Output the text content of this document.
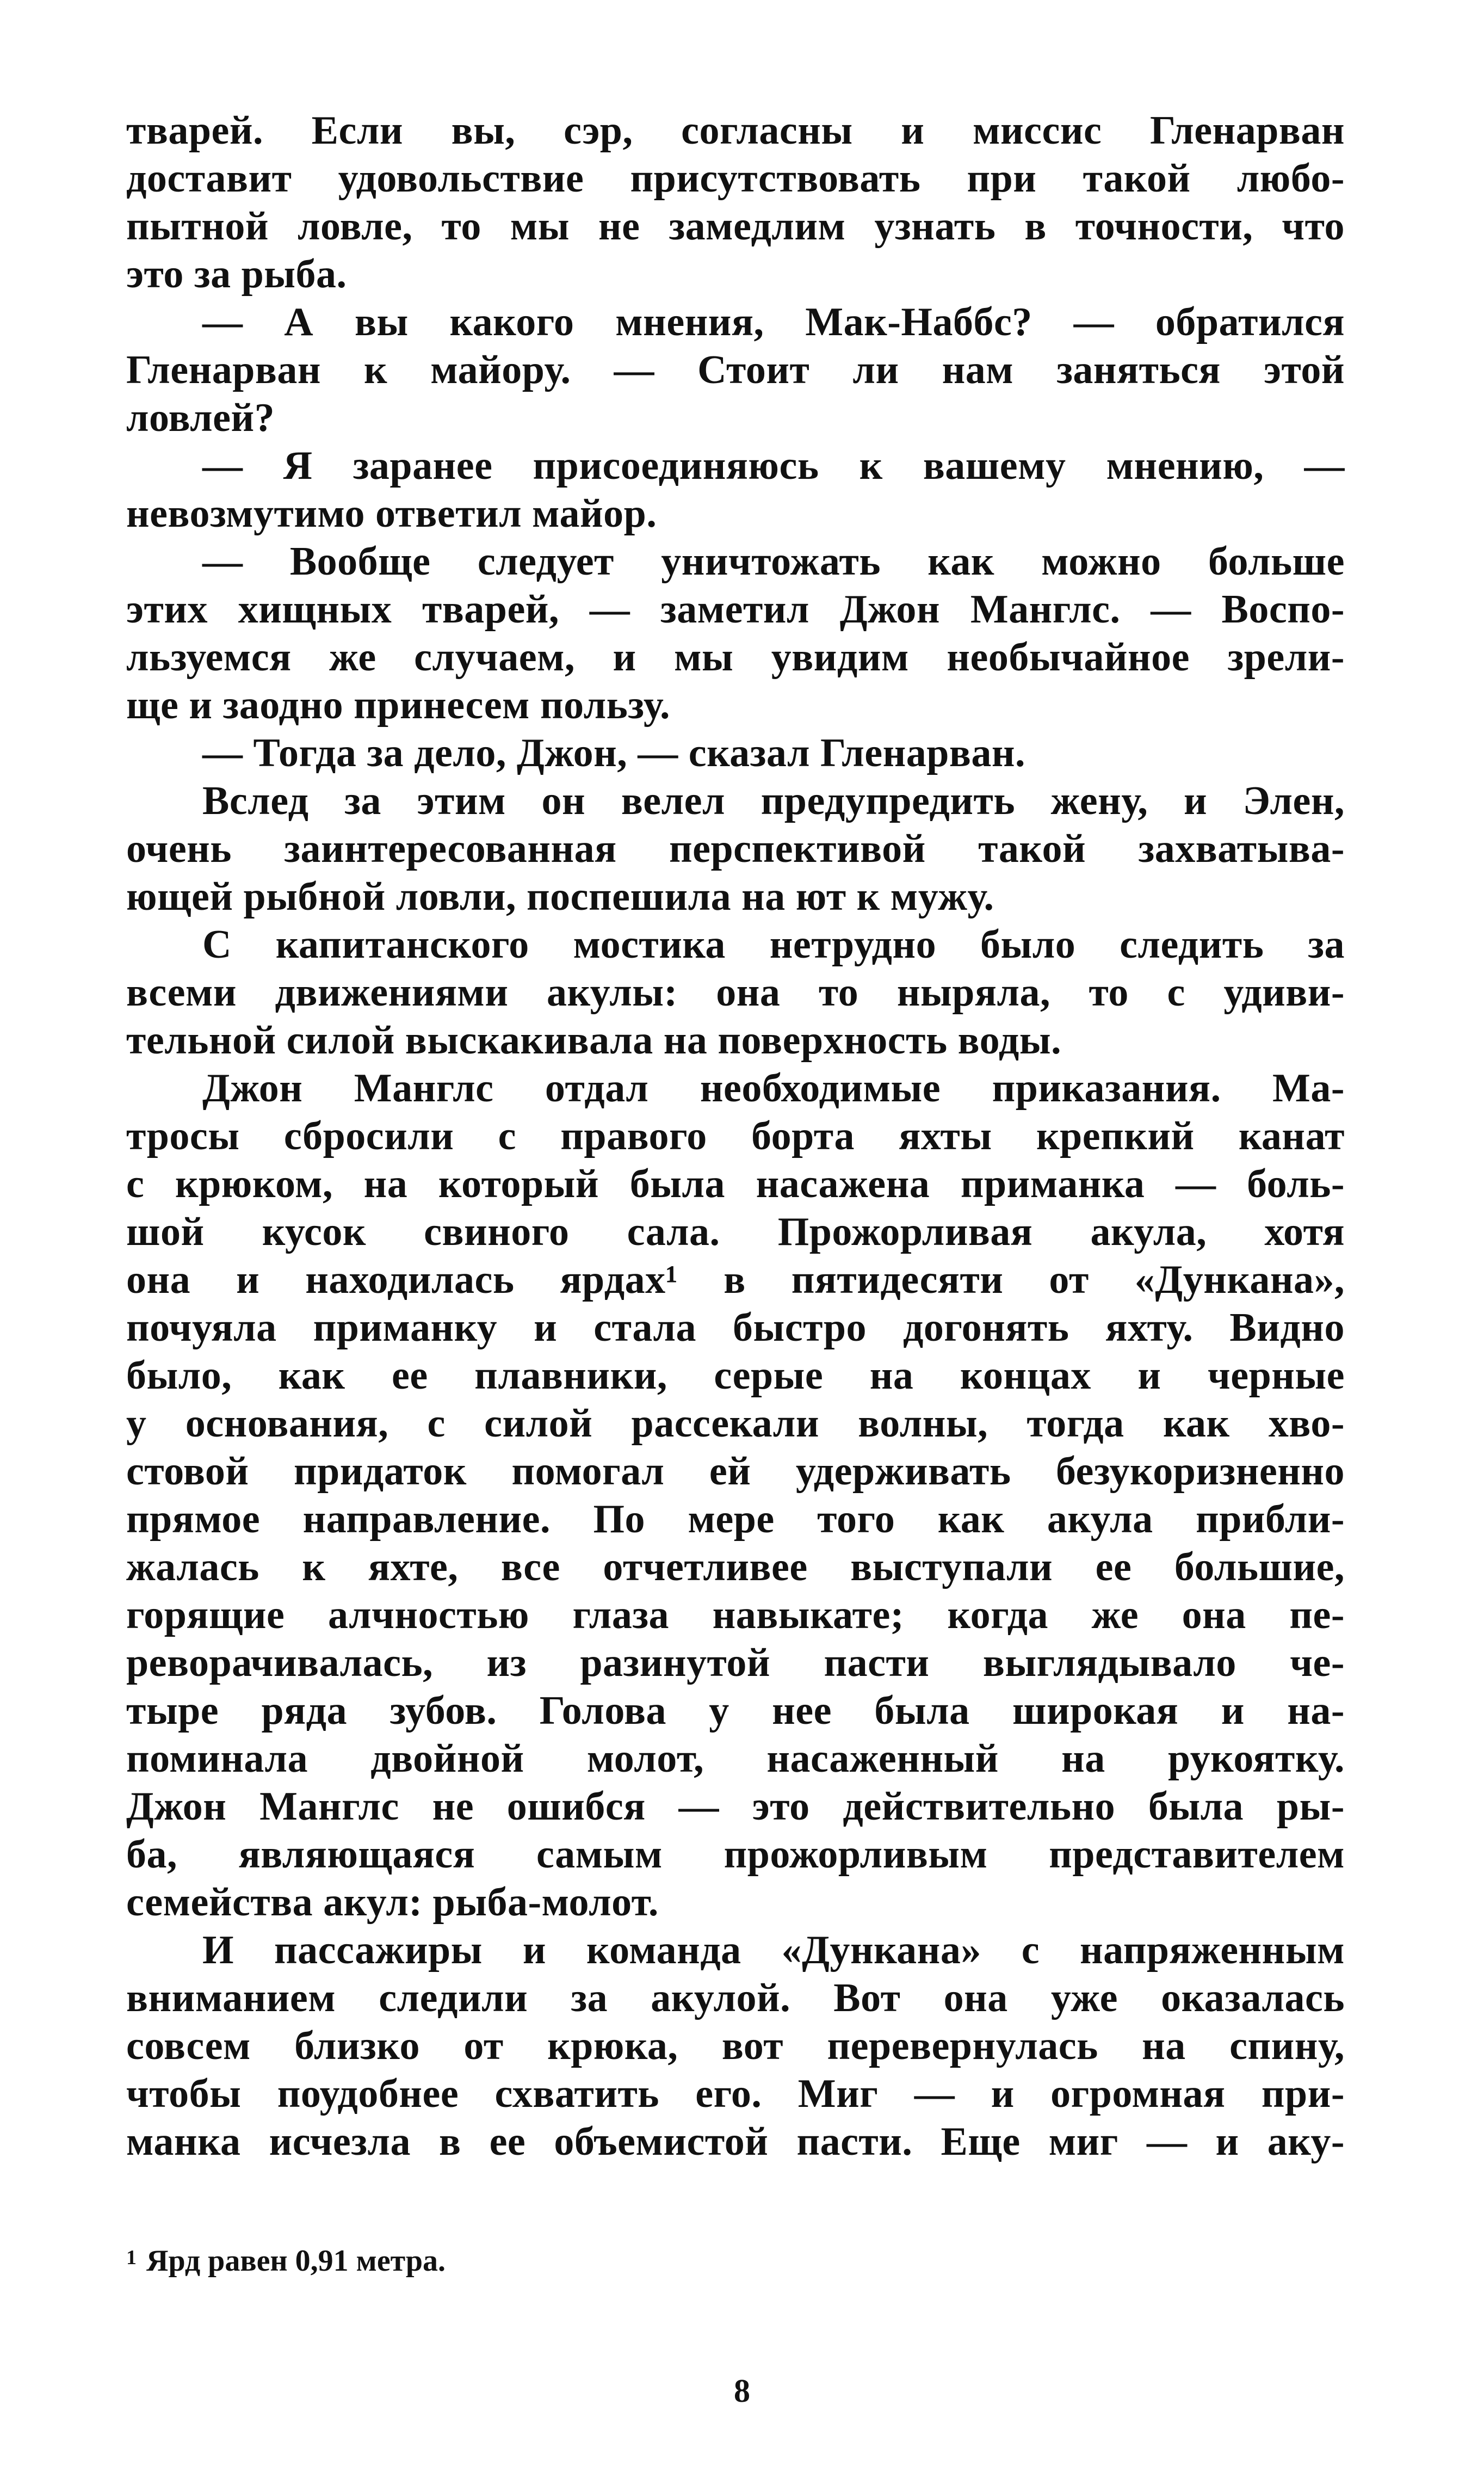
тварей. Если вы, сэр, согласны и миссис Гленарван
доставит удовольствие присутствовать при такой любо-
пытной ловле, то мы не замедлим узнать в точности, что
это за рыба.
— А вы какого мнения, Мак-Наббс? — обратился
Гленарван к майору. — Стоит ли нам заняться этой
ловлей?
— Я заранее присоединяюсь к вашему мнению, —
невозмутимо ответил майор.
— Вообще следует уничтожать как можно больше
этих хищных тварей, — заметил Джон Манглс. — Воспо-
льзуемся же случаем, и мы увидим необычайное зрели-
ще и заодно принесем пользу.
— Тогда за дело, Джон, — сказал Гленарван.
Вслед за этим он велел предупредить жену, и Элен,
очень заинтересованная перспективой такой захватыва-
ющей рыбной ловли, поспешила на ют к мужу.
С капитанского мостика нетрудно было следить за
всеми движениями акулы: она то ныряла, то с удиви-
тельной силой выскакивала на поверхность воды.
Джон Манглс отдал необходимые приказания. Ма-
тросы сбросили с правого борта яхты крепкий канат
с крюком, на который была насажена приманка — боль-
шой кусок свиного сала. Прожорливая акула, хотя
она и находилась ярдах¹ в пятидесяти от «Дункана»,
почуяла приманку и стала быстро догонять яхту. Видно
было, как ее плавники, серые на концах и черные
у основания, с силой рассекали волны, тогда как хво-
стовой придаток помогал ей удерживать безукоризненно
прямое направление. По мере того как акула прибли-
жалась к яхте, все отчетливее выступали ее большие,
горящие алчностью глаза навыкате; когда же она пе-
реворачивалась, из разинутой пасти выглядывало че-
тыре ряда зубов. Голова у нее была широкая и на-
поминала двойной молот, насаженный на рукоятку.
Джон Манглс не ошибся — это действительно была ры-
ба, являющаяся самым прожорливым представителем
семейства акул: рыба-молот.
И пассажиры и команда «Дункана» с напряженным
вниманием следили за акулой. Вот она уже оказалась
совсем близко от крюка, вот перевернулась на спину,
чтобы поудобнее схватить его. Миг — и огромная при-
манка исчезла в ее объемистой пасти. Еще миг — и аку-
$^1$ Ярд равен 0,91 метра.
8
